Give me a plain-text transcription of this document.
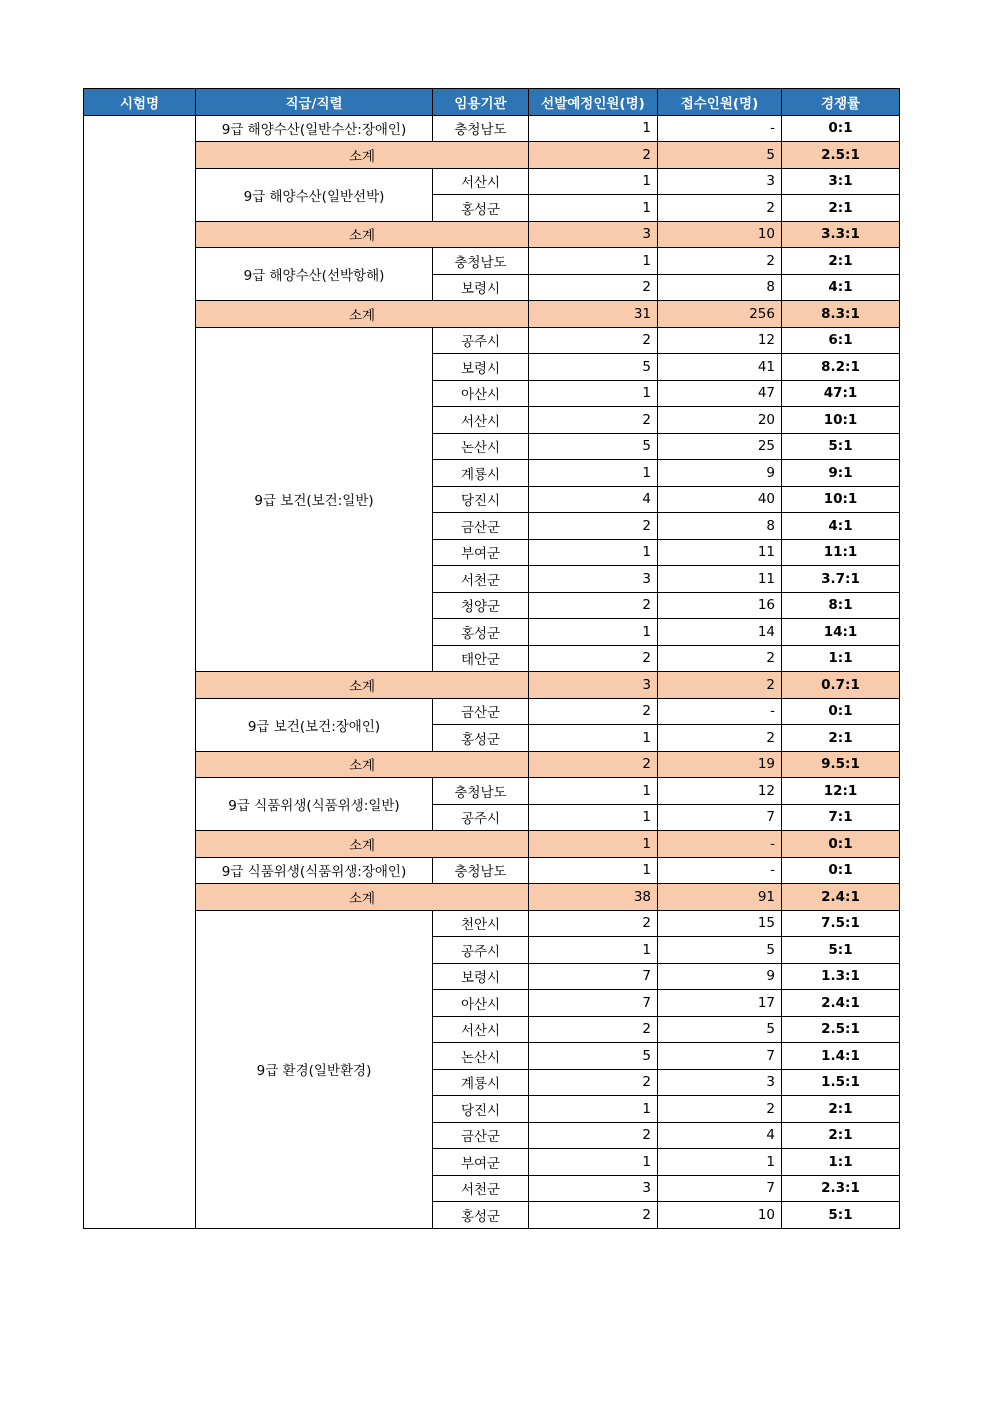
시험명	직급/직렬	임용기관	선발예정인원(명)	접수인원(명)	경쟁률
	9급 해양수산(일반수산:장애인)	충청남도	1	-	0:1
	소계		2	5	2.5:1
	9급 해양수산(일반선박)	서산시	1	3	3:1
		홍성군	1	2	2:1
	소계		3	10	3.3:1
	9급 해양수산(선박항해)	충청남도	1	2	2:1
		보령시	2	8	4:1
	소계		31	256	8.3:1
	9급 보건(보건:일반)	공주시	2	12	6:1
		보령시	5	41	8.2:1
		아산시	1	47	47:1
		서산시	2	20	10:1
		논산시	5	25	5:1
		계룡시	1	9	9:1
		당진시	4	40	10:1
		금산군	2	8	4:1
		부여군	1	11	11:1
		서천군	3	11	3.7:1
		청양군	2	16	8:1
		홍성군	1	14	14:1
		태안군	2	2	1:1
	소계		3	2	0.7:1
	9급 보건(보건:장애인)	금산군	2	-	0:1
		홍성군	1	2	2:1
	소계		2	19	9.5:1
	9급 식품위생(식품위생:일반)	충청남도	1	12	12:1
		공주시	1	7	7:1
	소계		1	-	0:1
	9급 식품위생(식품위생:장애인)	충청남도	1	-	0:1
	소계		38	91	2.4:1
	9급 환경(일반환경)	천안시	2	15	7.5:1
		공주시	1	5	5:1
		보령시	7	9	1.3:1
		아산시	7	17	2.4:1
		서산시	2	5	2.5:1
		논산시	5	7	1.4:1
		계룡시	2	3	1.5:1
		당진시	1	2	2:1
		금산군	2	4	2:1
		부여군	1	1	1:1
		서천군	3	7	2.3:1
		홍성군	2	10	5:1
